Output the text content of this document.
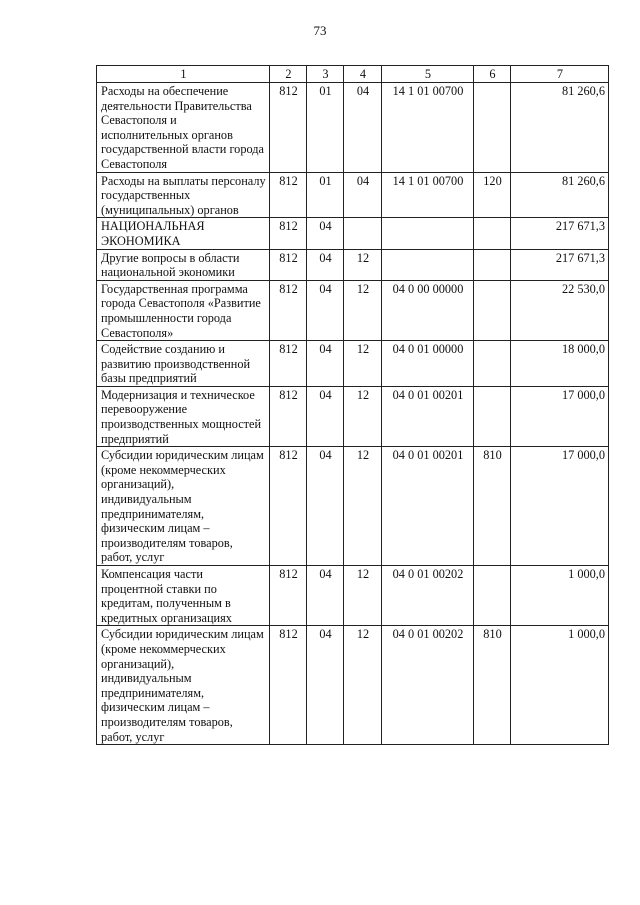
73
1	2	3	4	5	6	7
Расходы на обеспечение деятельности Правительства Севастополя и исполнительных органов государственной власти города Севастополя	812	01	04	14 1 01 00700		81 260,6
Расходы на выплаты персоналу государственных (муниципальных) органов	812	01	04	14 1 01 00700	120	81 260,6
НАЦИОНАЛЬНАЯ ЭКОНОМИКА	812	04				217 671,3
Другие вопросы в области национальной экономики	812	04	12			217 671,3
Государственная программа города Севастополя «Развитие промышленности города Севастополя»	812	04	12	04 0 00 00000		22 530,0
Содействие созданию и развитию производственной базы предприятий	812	04	12	04 0 01 00000		18 000,0
Модернизация и техническое перевооружение производственных мощностей предприятий	812	04	12	04 0 01 00201		17 000,0
Субсидии юридическим лицам (кроме некоммерческих организаций), индивидуальным предпринимателям, физическим лицам – производителям товаров, работ, услуг	812	04	12	04 0 01 00201	810	17 000,0
Компенсация части процентной ставки по кредитам, полученным в кредитных организациях	812	04	12	04 0 01 00202		1 000,0
Субсидии юридическим лицам (кроме некоммерческих организаций), индивидуальным предпринимателям, физическим лицам – производителям товаров, работ, услуг	812	04	12	04 0 01 00202	810	1 000,0
